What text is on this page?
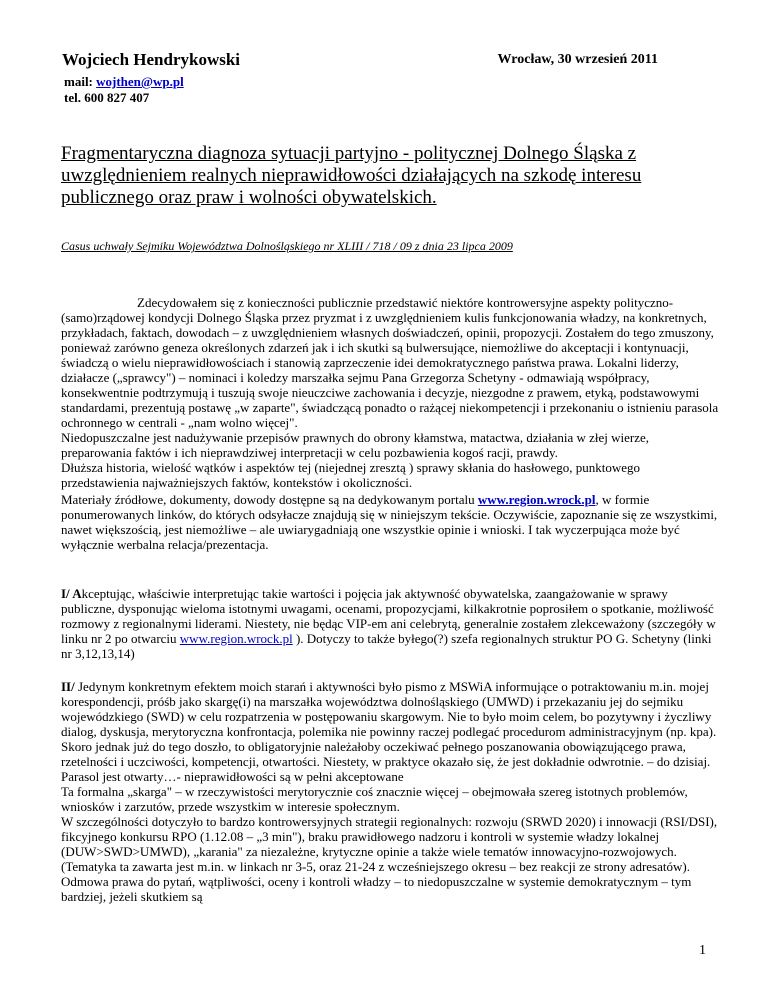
Wojciech Hendrykowski	Wrocław, 30 wrzesień 2011
mail: wojthen@wp.pl
tel. 600 827 407
Fragmentaryczna diagnoza sytuacji partyjno - politycznej Dolnego Śląska z uwzględnieniem realnych nieprawidłowości działających na szkodę interesu publicznego oraz praw i wolności obywatelskich.
Casus uchwały Sejmiku Województwa Dolnośląskiego nr XLIII / 718 / 09 z dnia 23 lipca 2009
Zdecydowałem się z konieczności publicznie przedstawić niektóre kontrowersyjne aspekty polityczno-(samo)rządowej kondycji Dolnego Śląska przez pryzmat i z uwzględnieniem kulis funkcjonowania władzy, na konkretnych, przykładach, faktach, dowodach – z uwzględnieniem własnych doświadczeń, opinii, propozycji. Zostałem do tego zmuszony, ponieważ zarówno geneza określonych zdarzeń jak i ich skutki są bulwersujące, niemożliwe do akceptacji i kontynuacji, świadczą o wielu nieprawidłowościach i stanowią zaprzeczenie idei demokratycznego państwa prawa. Lokalni liderzy, działacze („sprawcy") – nominaci i koledzy marszałka sejmu Pana Grzegorza Schetyny - odmawiają współpracy, konsekwentnie podtrzymują i tuszują swoje nieuczciwe zachowania i decyzje, niezgodne z prawem, etyką, podstawowymi standardami, prezentują postawę „w zaparte", świadczącą ponadto o rażącej niekompetencji i przekonaniu o istnieniu parasola ochronnego w centrali - „nam wolno więcej".
Niedopuszczalne jest nadużywanie przepisów prawnych do obrony kłamstwa, matactwa, działania w złej wierze, preparowania faktów i ich nieprawdziwej interpretacji w celu pozbawienia kogoś racji, prawdy.
Dłuższa historia, wielość wątków i aspektów tej (niejednej zresztą ) sprawy skłania do hasłowego, punktowego przedstawienia najważniejszych faktów, kontekstów i okoliczności.
Materiały źródłowe, dokumenty, dowody dostępne są na dedykowanym portalu www.region.wrock.pl, w formie ponumerowanych linków, do których odsyłacze znajdują się w niniejszym tekście. Oczywiście, zapoznanie się ze wszystkimi, nawet większością, jest niemożliwe – ale uwiarygadniają one wszystkie opinie i wnioski. I tak wyczerpująca może być wyłącznie werbalna relacja/prezentacja.
I/ Akceptując, właściwie interpretując takie wartości i pojęcia jak aktywność obywatelska, zaangażowanie w sprawy publiczne, dysponując wieloma istotnymi uwagami, ocenami, propozycjami, kilkakrotnie poprosiłem o spotkanie, możliwość rozmowy z regionalnymi liderami. Niestety, nie będąc VIP-em ani celebrytą, generalnie zostałem zlekceważony (szczegóły w linku nr 2 po otwarciu www.region.wrock.pl ). Dotyczy to także byłego(?) szefa regionalnych struktur PO G. Schetyny (linki nr 3,12,13,14)
II/ Jedynym konkretnym efektem moich starań i aktywności było pismo z MSWiA informujące o potraktowaniu m.in. mojej korespondencji, próśb jako skargę(i) na marszałka województwa dolnośląskiego (UMWD) i przekazaniu jej do sejmiku wojewódzkiego (SWD) w celu rozpatrzenia w postępowaniu skargowym. Nie to było moim celem, bo pozytywny i życzliwy dialog, dyskusja, merytoryczna konfrontacja, polemika nie powinny raczej podlegać procedurom administracyjnym (np. kpa). Skoro jednak już do tego doszło, to obligatoryjnie należałoby oczekiwać pełnego poszanowania obowiązującego prawa, rzetelności i uczciwości, kompetencji, otwartości. Niestety, w praktyce okazało się, że jest dokładnie odwrotnie. – do dzisiaj. Parasol jest otwarty…- nieprawidłowości są w pełni akceptowane
Ta formalna „skarga" – w rzeczywistości merytorycznie coś znacznie więcej – obejmowała szereg istotnych problemów, wniosków i zarzutów, przede wszystkim w interesie społecznym.
W szczególności dotyczyło to bardzo kontrowersyjnych strategii regionalnych: rozwoju (SRWD 2020) i innowacji (RSI/DSI), fikcyjnego konkursu RPO (1.12.08 – „3 min"), braku prawidłowego nadzoru i kontroli w systemie władzy lokalnej (DUW>SWD>UMWD), „karania" za niezależne, krytyczne opinie a także wiele tematów innowacyjno-rozwojowych. (Tematyka ta zawarta jest m.in. w linkach nr 3-5, oraz 21-24 z wcześniejszego okresu – bez reakcji ze strony adresatów). Odmowa prawa do pytań, wątpliwości, oceny i kontroli władzy – to niedopuszczalne w systemie demokratycznym – tym bardziej, jeżeli skutkiem są
1
